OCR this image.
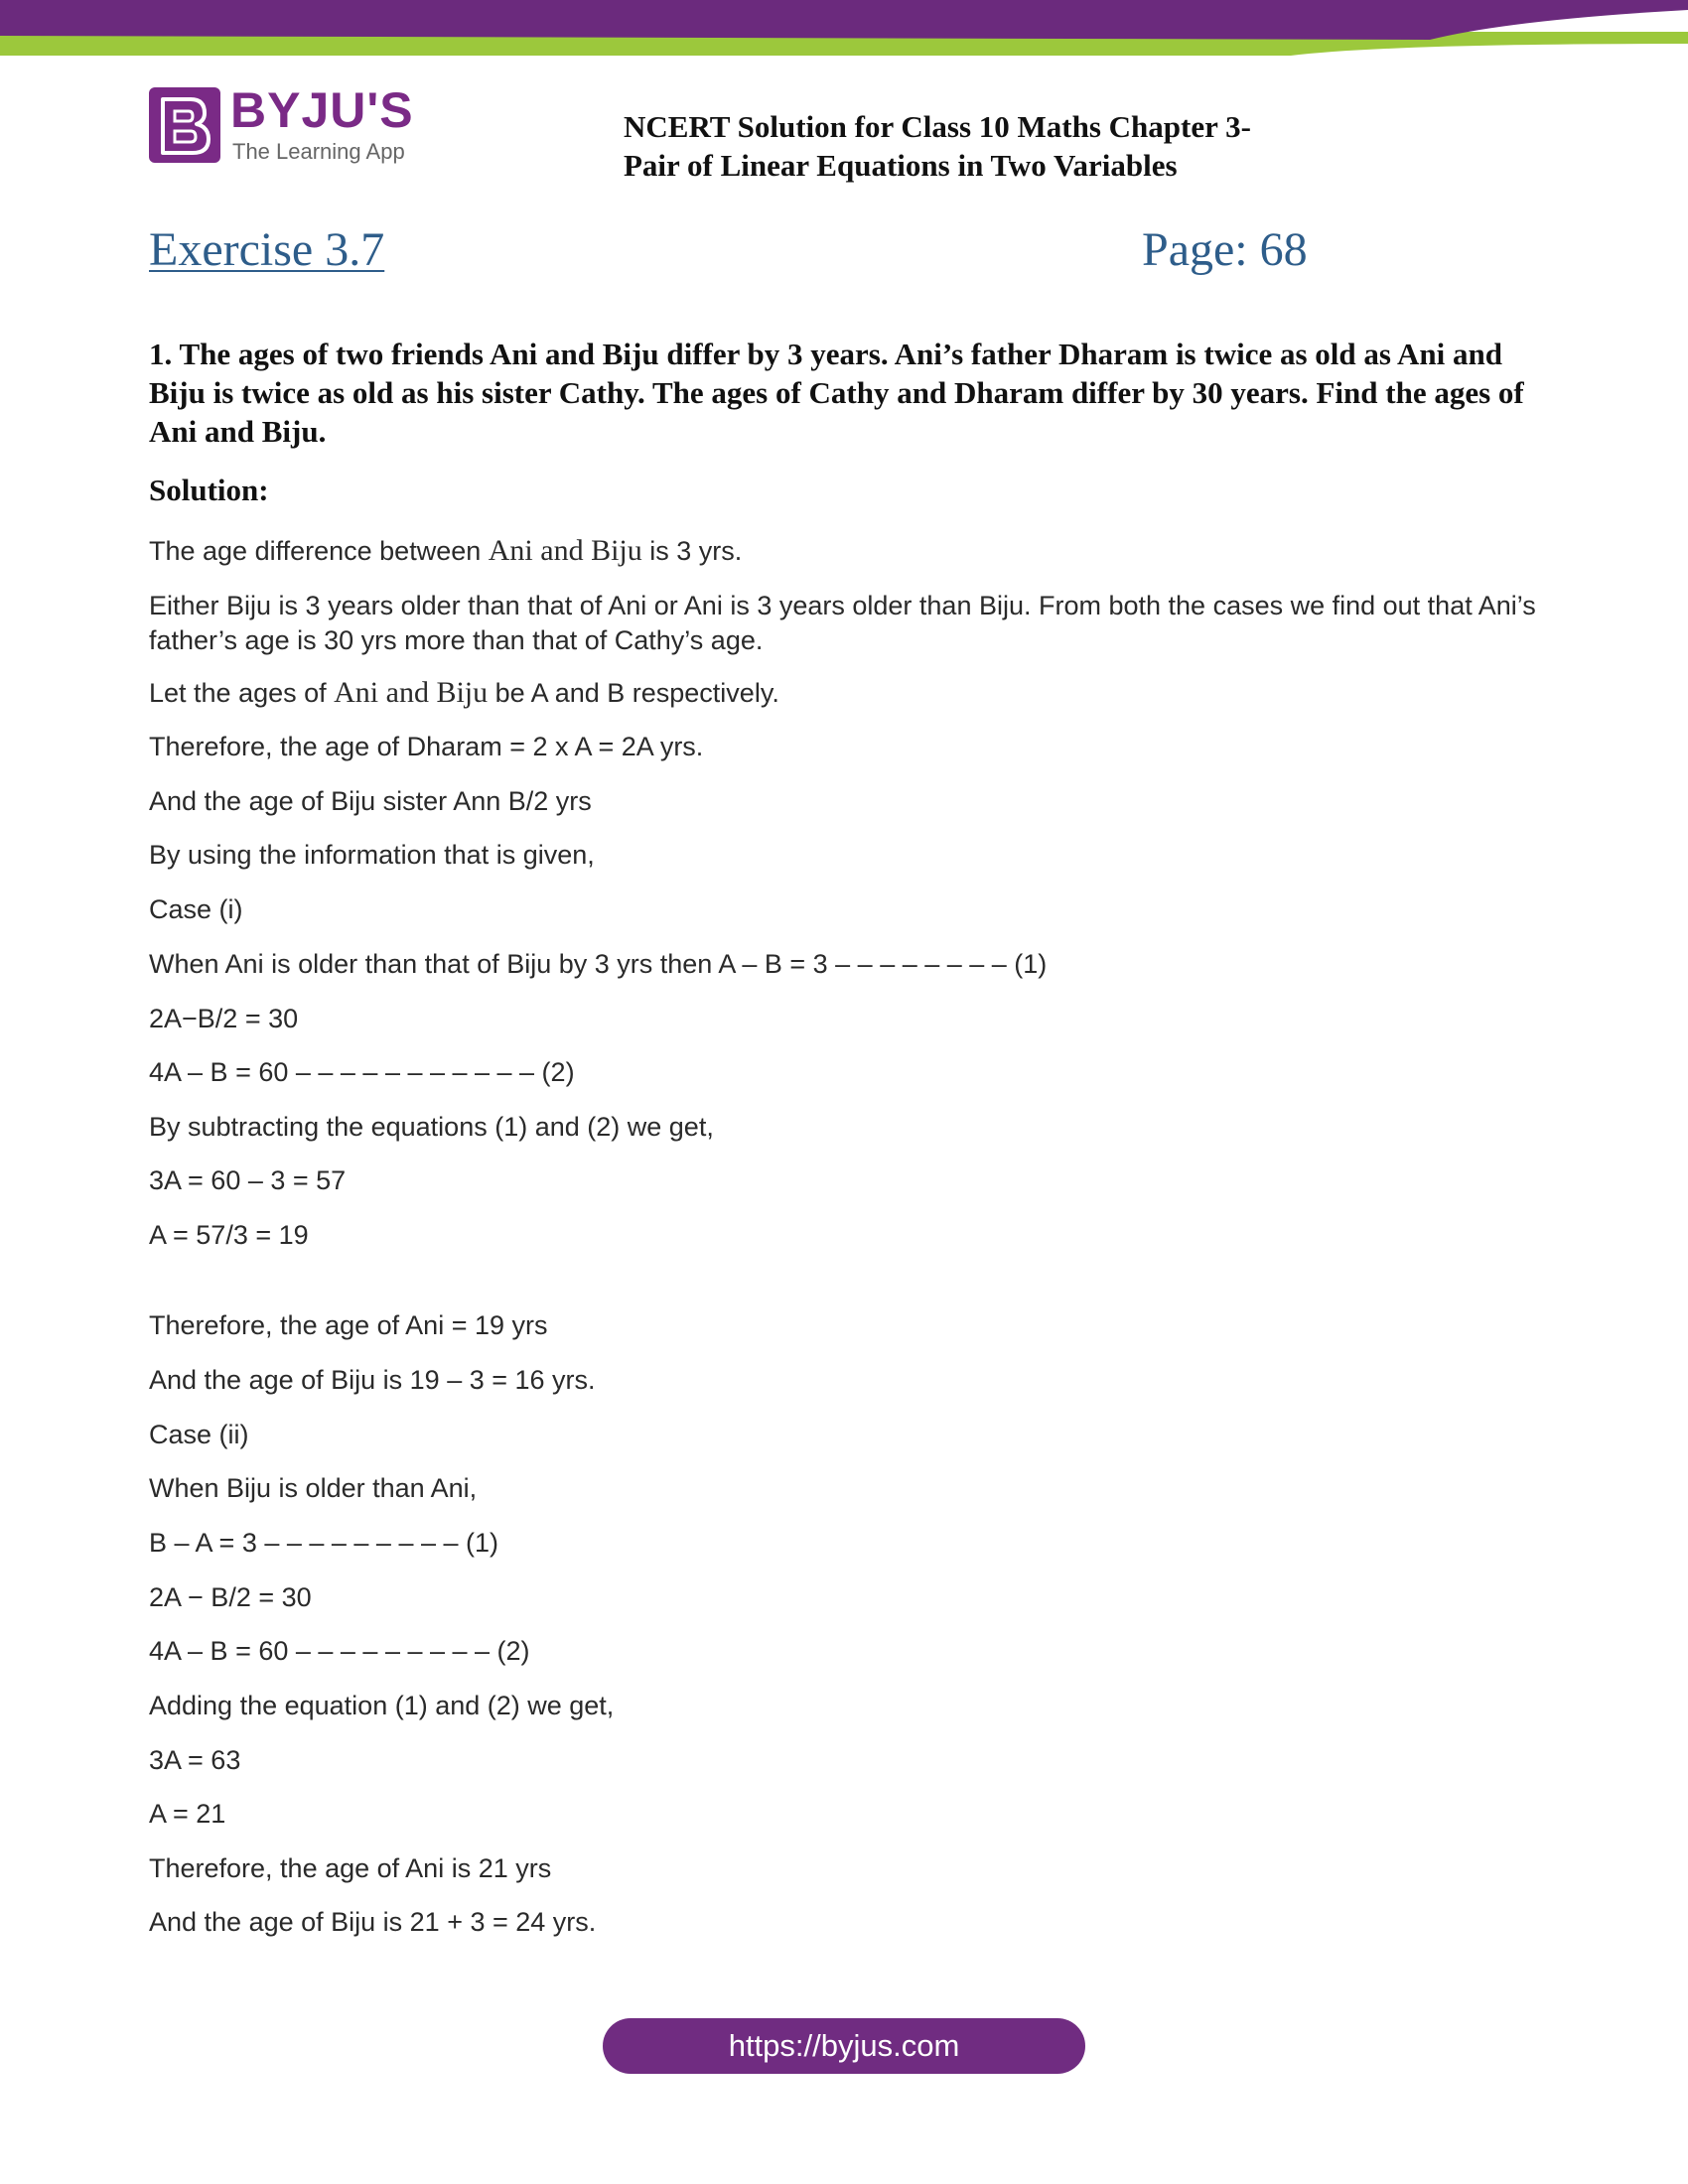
BYJU'S
The Learning App
NCERT Solution for Class 10 Maths Chapter 3-
Pair of Linear Equations in Two Variables
Exercise 3.7	Page: 68
1. The ages of two friends Ani and Biju differ by 3 years. Ani’s father Dharam is twice as old as Ani and Biju is twice as old as his sister Cathy. The ages of Cathy and Dharam differ by 30 years. Find the ages of Ani and Biju.
Solution:
The age difference between Ani and Biju is 3 yrs.
Either Biju is 3 years older than that of Ani or Ani is 3 years older than Biju. From both the cases we find out that Ani’s father’s age is 30 yrs more than that of Cathy’s age.
Let the ages of Ani and Biju be A and B respectively.
Therefore, the age of Dharam = 2 x A = 2A yrs.
And the age of Biju sister Ann B/2 yrs
By using the information that is given,
Case (i)
When Ani is older than that of Biju by 3 yrs then A – B = 3 – – – – – – – – (1)
2A−B/2 = 30
4A – B = 60 – – – – – – – – – – – (2)
By subtracting the equations (1) and (2) we get,
3A = 60 – 3 = 57
A = 57/3 = 19
Therefore, the age of Ani = 19 yrs
And the age of Biju is 19 – 3 = 16 yrs.
Case (ii)
When Biju is older than Ani,
B – A = 3 – – – – – – – – – (1)
2A − B/2 = 30
4A – B = 60 – – – – – – – – – (2)
Adding the equation (1) and (2) we get,
3A = 63
A = 21
Therefore, the age of Ani is 21 yrs
And the age of Biju is 21 + 3 = 24 yrs.
https://byjus.com
